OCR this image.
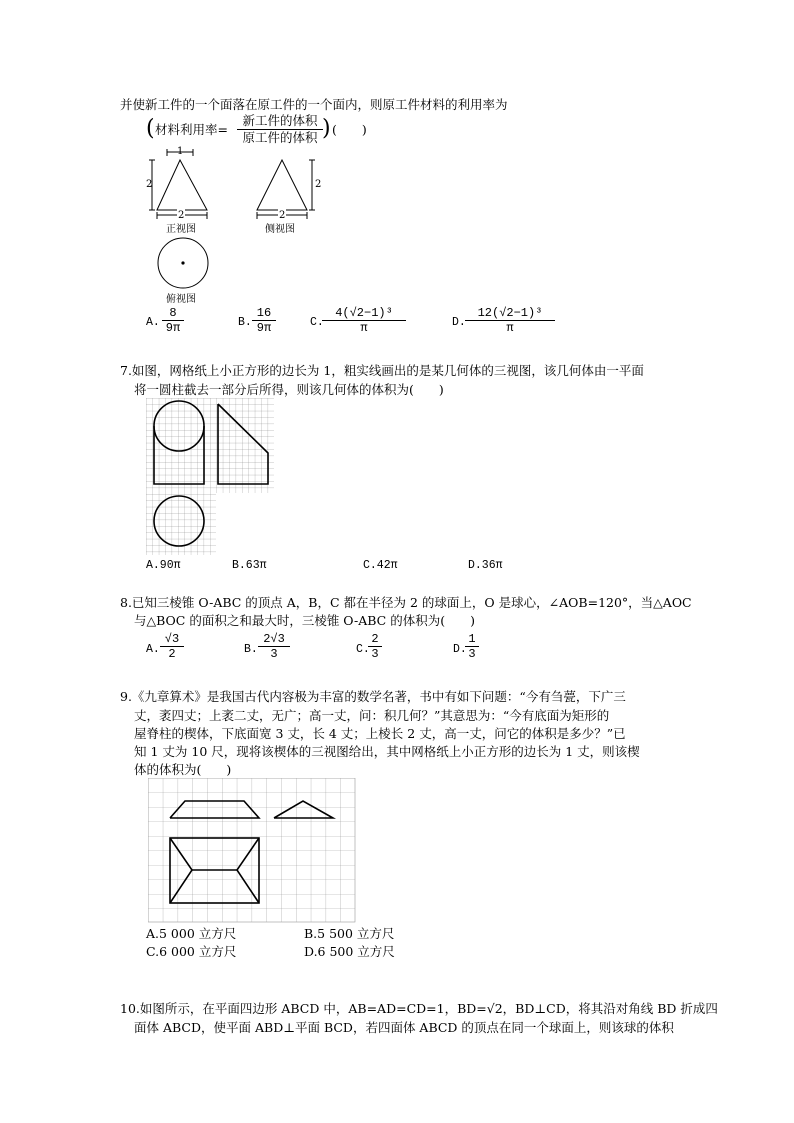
并使新工件的一个面落在原工件的一个面内，则原工件材料的利用率为
( 材料利用率=
新工件的体积
原工件的体积 ) (　　)
1
2
2
2
2
正视图	侧视图
俯视图
A. $\frac{8}{9\pi}$	B. $\frac{16}{9\pi}$	C.
$\frac{\text{4(√2−1)³}}{\pi}$	D. $\frac{\text{12(√2−1)³}}{\pi}$
7.如图，网格纸上小正方形的边长为 1，粗实线画出的是某几何体的三视图，该几何体由一平面
将一圆柱截去一部分后所得，则该几何体的体积为(　　)
A.90π	B.63π	C.42π	D.36π
8.已知三棱锥 O-ABC 的顶点 A，B，C 都在半径为 2 的球面上，O 是球心，∠AOB=120°，当△AOC
与△BOC 的面积之和最大时，三棱锥 O-ABC 的体积为(　　)
A. $\frac{√3}{2}$	B. $\frac{2√3}{3}$	C.
$\frac{2}{3}$	D.
$\frac{1}{3}$
9.《九章算术》是我国古代内容极为丰富的数学名著，书中有如下问题：“今有刍甍，下广三
丈，袤四丈；上袤二丈，无广；高一丈，问：积几何？”其意思为：“今有底面为矩形的
屋脊柱的楔体，下底面宽 3 丈，长 4 丈；上棱长 2 丈，高一丈，问它的体积是多少？”已
知 1 丈为 10 尺，现将该楔体的三视图给出，其中网格纸上小正方形的边长为 1 丈，则该楔
体的体积为(　　)
A.5 000 立方尺	B.5 500 立方尺
C.6 000 立方尺	D.6 500 立方尺
10.如图所示，在平面四边形 ABCD 中，AB=AD=CD=1，BD=√2，BD⊥CD，将其沿对角线 BD 折成四
面体 ABCD，使平面 ABD⊥平面 BCD，若四面体 ABCD 的顶点在同一个球面上，则该球的体积
